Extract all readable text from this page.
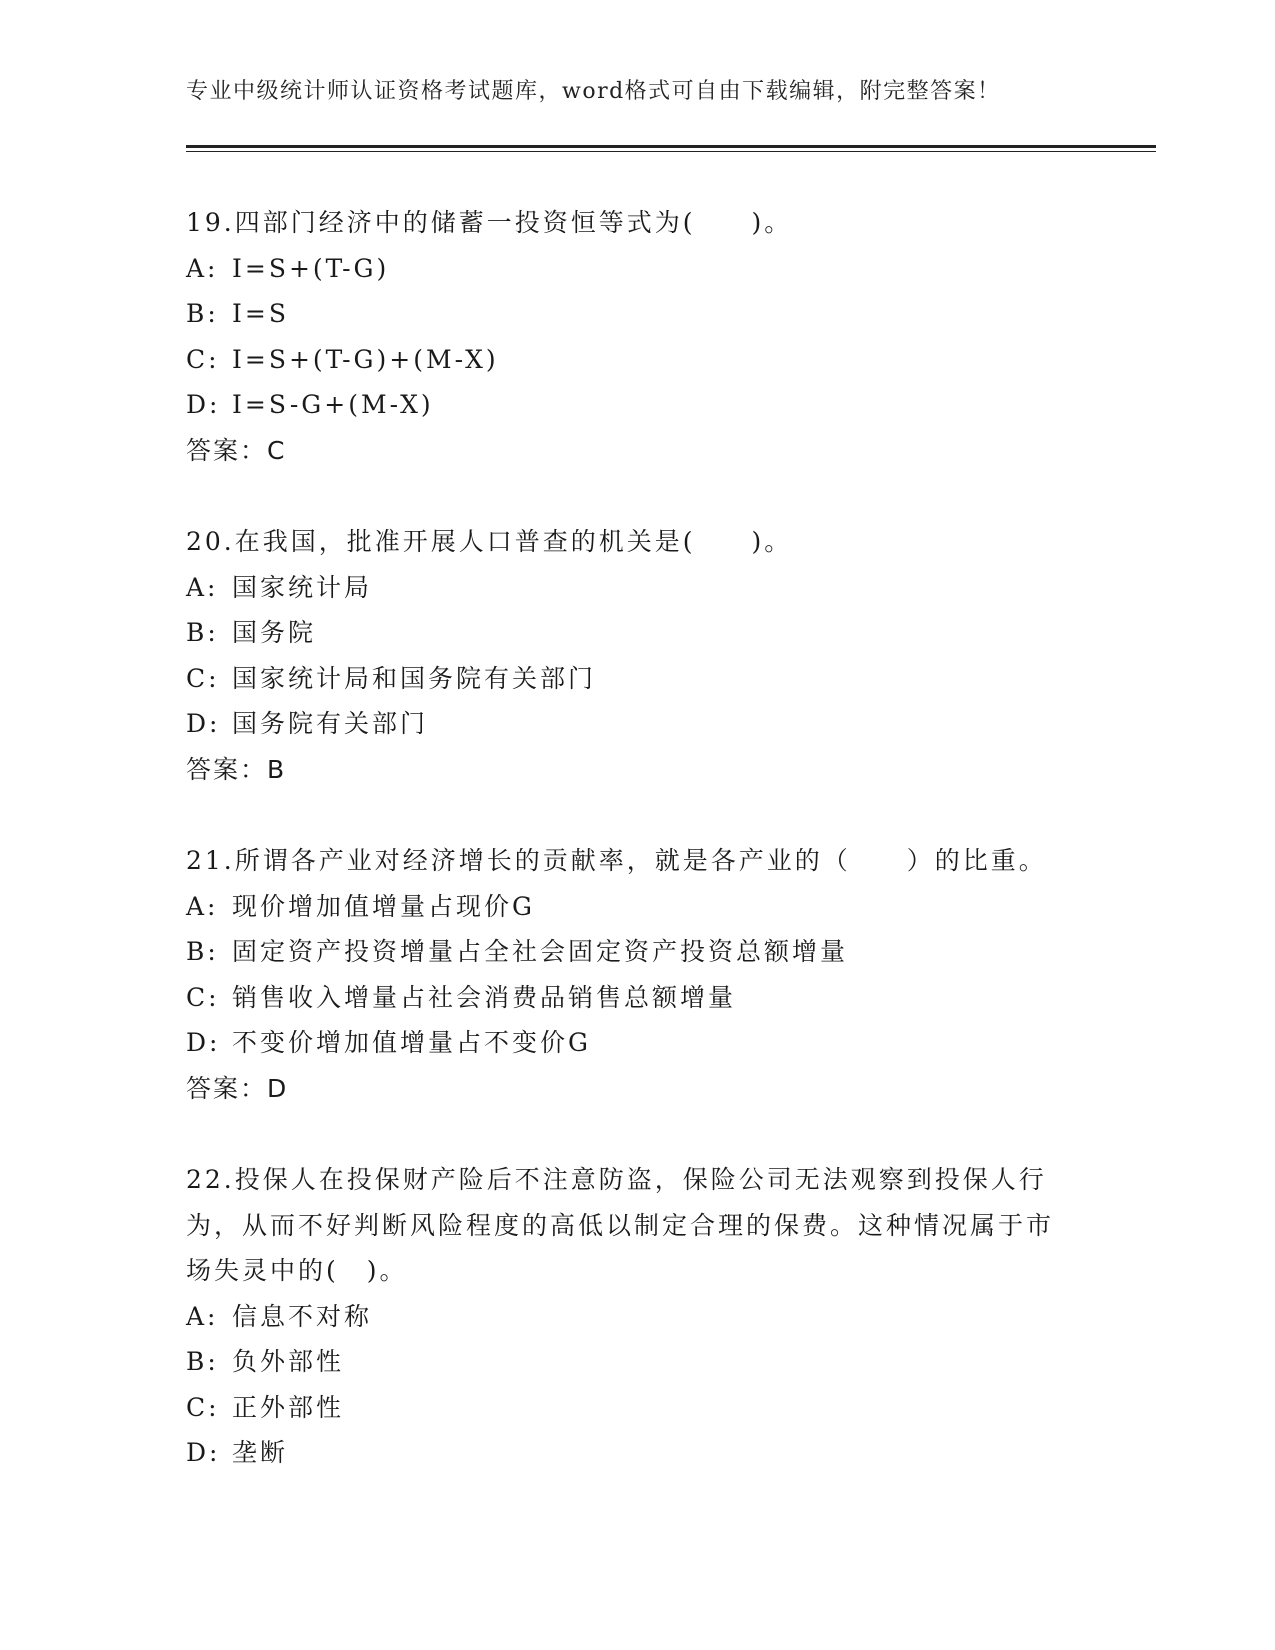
专业中级统计师认证资格考试题库，word格式可自由下载编辑，附完整答案！
19.四部门经济中的储蓄一投资恒等式为(　　)。
A: I=S+(T-G)
B: I=S
C: I=S+(T-G)+(M-X)
D: I=S-G+(M-X)
答案：C
20.在我国，批准开展人口普查的机关是(　　)。
A: 国家统计局
B: 国务院
C: 国家统计局和国务院有关部门
D: 国务院有关部门
答案：B
21.所谓各产业对经济增长的贡献率，就是各产业的（　　）的比重。
A: 现价增加值增量占现价G
B: 固定资产投资增量占全社会固定资产投资总额增量
C: 销售收入增量占社会消费品销售总额增量
D: 不变价增加值增量占不变价G
答案：D
22.投保人在投保财产险后不注意防盗，保险公司无法观察到投保人行为，从而不好判断风险程度的高低以制定合理的保费。这种情况属于市场失灵中的(　)。
A: 信息不对称
B: 负外部性
C: 正外部性
D: 垄断
